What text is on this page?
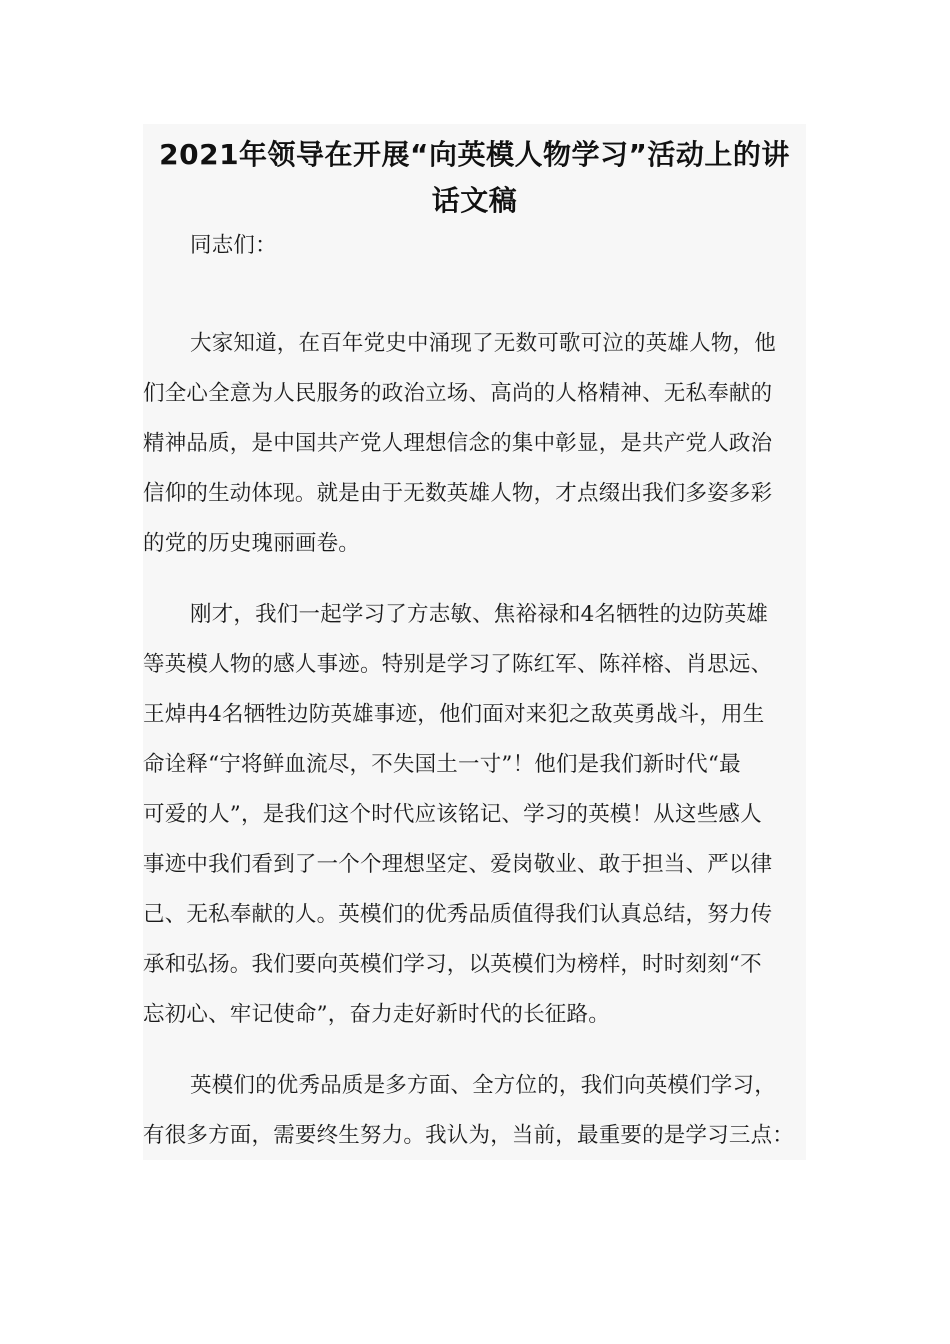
2021年领导在开展“向英模人物学习”活动上的讲
话文稿
同志们：
大家知道，在百年党史中涌现了无数可歌可泣的英雄人物，他
们全心全意为人民服务的政治立场、高尚的人格精神、无私奉献的
精神品质，是中国共产党人理想信念的集中彰显，是共产党人政治
信仰的生动体现。就是由于无数英雄人物，才点缀出我们多姿多彩
的党的历史瑰丽画卷。
刚才，我们一起学习了方志敏、焦裕禄和4名牺牲的边防英雄
等英模人物的感人事迹。特别是学习了陈红军、陈祥榕、肖思远、
王焯冉4名牺牲边防英雄事迹，他们面对来犯之敌英勇战斗，用生
命诠释“宁将鲜血流尽，不失国土一寸”！他们是我们新时代“最
可爱的人”，是我们这个时代应该铭记、学习的英模！从这些感人
事迹中我们看到了一个个理想坚定、爱岗敬业、敢于担当、严以律
己、无私奉献的人。英模们的优秀品质值得我们认真总结，努力传
承和弘扬。我们要向英模们学习，以英模们为榜样，时时刻刻“不
忘初心、牢记使命”，奋力走好新时代的长征路。
英模们的优秀品质是多方面、全方位的，我们向英模们学习，
有很多方面，需要终生努力。我认为，当前，最重要的是学习三点：
